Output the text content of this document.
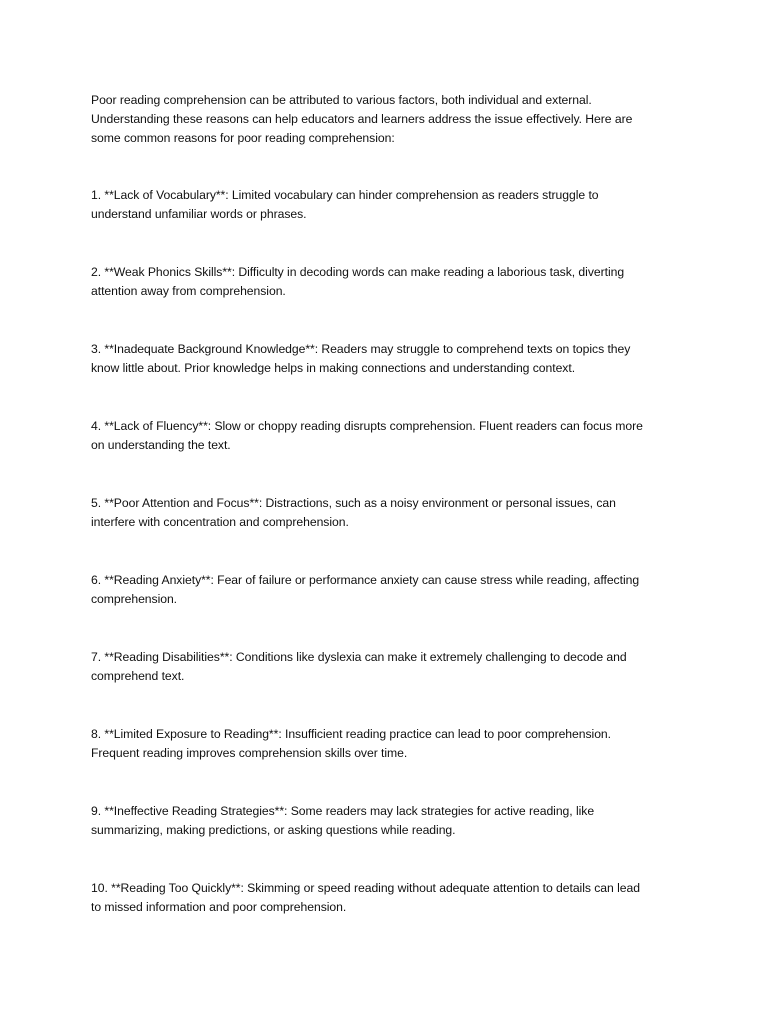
Poor reading comprehension can be attributed to various factors, both individual and external.
Understanding these reasons can help educators and learners address the issue effectively. Here are
some common reasons for poor reading comprehension:

1. **Lack of Vocabulary**: Limited vocabulary can hinder comprehension as readers struggle to
understand unfamiliar words or phrases.

2. **Weak Phonics Skills**: Difficulty in decoding words can make reading a laborious task, diverting
attention away from comprehension.

3. **Inadequate Background Knowledge**: Readers may struggle to comprehend texts on topics they
know little about. Prior knowledge helps in making connections and understanding context.

4. **Lack of Fluency**: Slow or choppy reading disrupts comprehension. Fluent readers can focus more
on understanding the text.

5. **Poor Attention and Focus**: Distractions, such as a noisy environment or personal issues, can
interfere with concentration and comprehension.

6. **Reading Anxiety**: Fear of failure or performance anxiety can cause stress while reading, affecting
comprehension.

7. **Reading Disabilities**: Conditions like dyslexia can make it extremely challenging to decode and
comprehend text.

8. **Limited Exposure to Reading**: Insufficient reading practice can lead to poor comprehension.
Frequent reading improves comprehension skills over time.

9. **Ineffective Reading Strategies**: Some readers may lack strategies for active reading, like
summarizing, making predictions, or asking questions while reading.

10. **Reading Too Quickly**: Skimming or speed reading without adequate attention to details can lead
to missed information and poor comprehension.
